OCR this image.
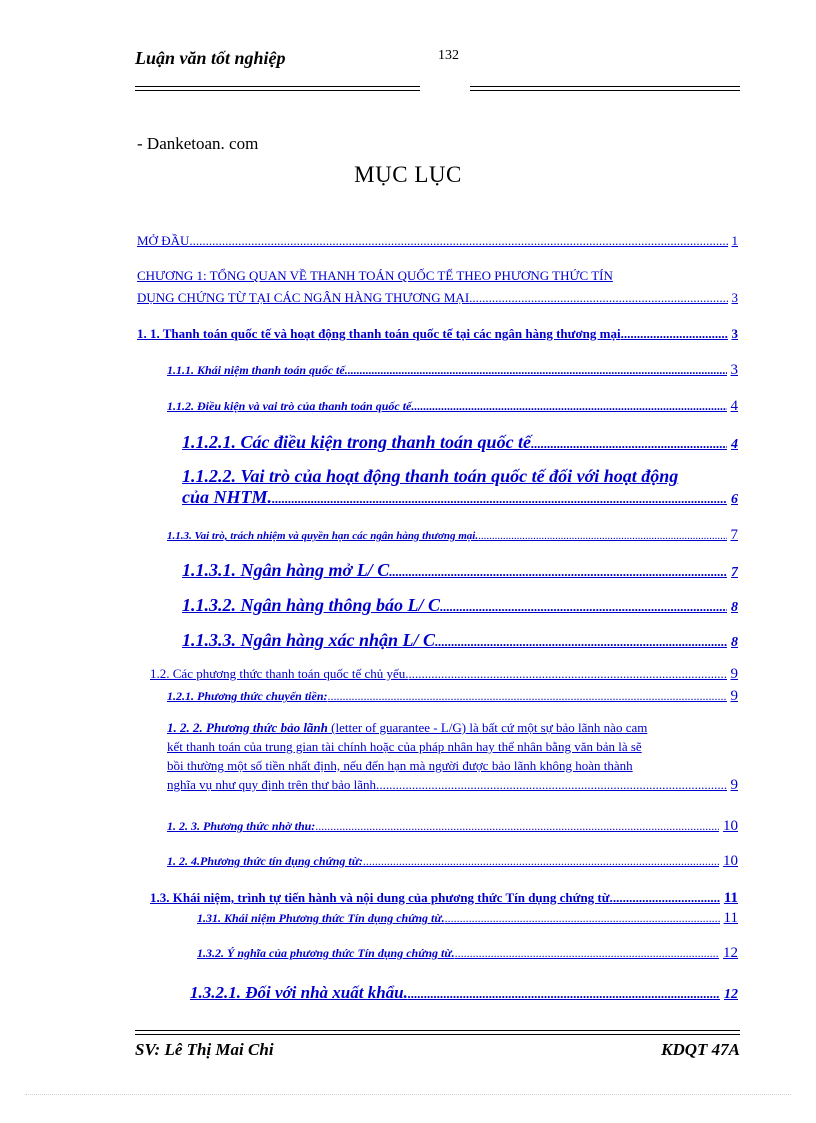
Luận văn tốt nghiệp	132
- Danketoan. com
MỤC LỤC
MỞ ĐẦU .....	1
CHƯƠNG 1: TỔNG QUAN VỀ THANH TOÁN QUỐC TẾ THEO PHƯƠNG THỨC TÍN
DỤNG CHỨNG TỪ TẠI CÁC NGÂN HÀNG THƯƠNG MẠI .....	3
1. 1. Thanh toán quốc tế và hoạt động thanh toán quốc tế tại các ngân hàng thương mại .....	3
1.1.1. Khái niệm thanh toán quốc tế. .....	3
1.1.2. Điều kiện và vai trò của thanh toán quốc tế. .....	4
1.1.2.1. Các điều kiện trong thanh toán quốc tế .....	4
1.1.2.2. Vai trò của hoạt động thanh toán quốc tế đối với hoạt động
của NHTM. .....	6
1.1.3. Vai trò, trách nhiệm và quyền hạn các ngân hàng thương mại. .....	7
1.1.3.1. Ngân hàng mở L/ C .....	7
1.1.3.2. Ngân hàng thông báo L/ C .....	8
1.1.3.3. Ngân hàng xác nhận L/ C .....	8
1.2. Các phương thức thanh toán quốc tế chủ yếu. .....	9
1.2.1. Phương thức chuyển tiền: .....	9
1. 2. 2. Phương thức bảo lãnh (letter of guarantee - L/G) là bất cứ một sự bảo lãnh nào cam
kết thanh toán của trung gian tài chính hoặc của pháp nhân hay thể nhân bằng văn bản là sẽ
bồi thường một số tiền nhất định, nếu đến hạn mà người được bảo lãnh không hoàn thành
nghĩa vụ như quy định trên thư bảo lãnh. .....	9
1. 2. 3. Phương thức nhờ thu: .....	10
1. 2. 4.Phương thức tín dụng chứng từ: .....	10
1.3. Khái niệm, trình tự tiến hành và nội dung của phương thức Tín dụng chứng từ. .....	11
1.31. Khái niệm Phương thức Tín dụng chứng từ. .....	11
1.3.2. Ý nghĩa của phương thức Tín dụng chứng từ. .....	12
1.3.2.1. Đối với nhà xuất khẩu. .....	12
SV: Lê Thị Mai Chi	KDQT 47A
